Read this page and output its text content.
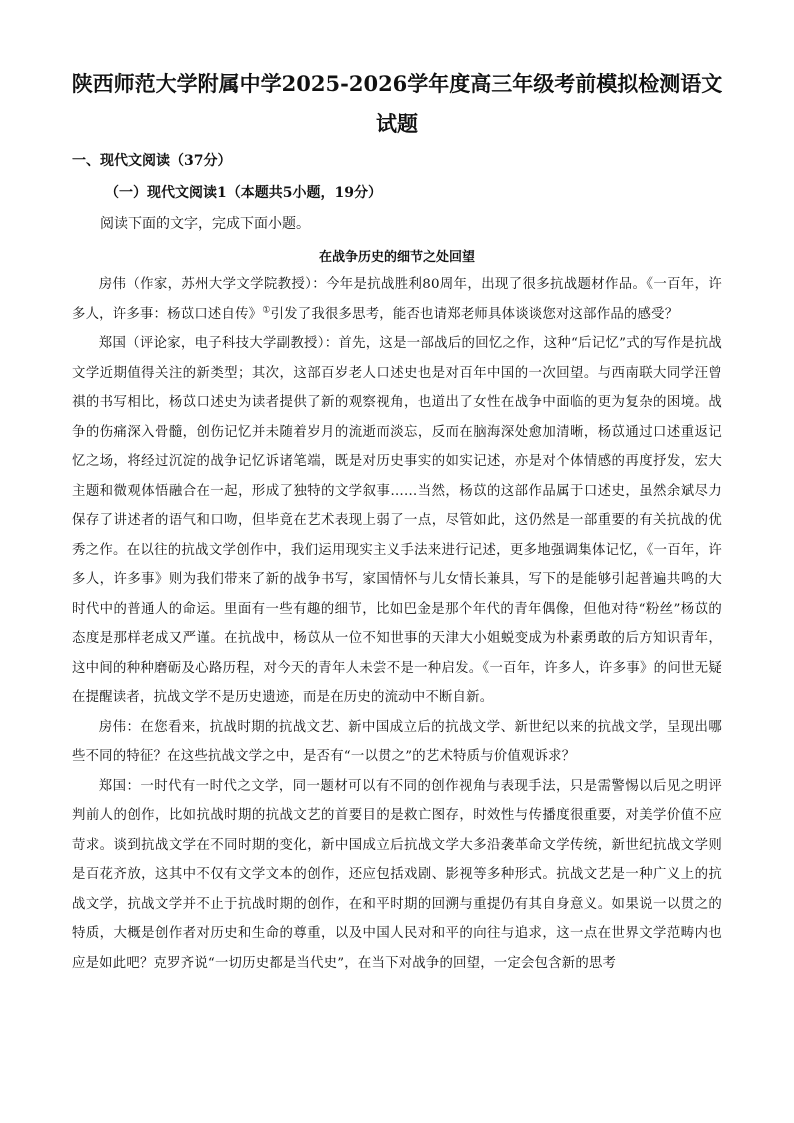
陕西师范大学附属中学2025-2026学年度高三年级考前模拟检测语文
试题
一、现代文阅读（37分）
（一）现代文阅读1（本题共5小题，19分）

阅读下面的文字，完成下面小题。

在战争历史的细节之处回望

房伟（作家，苏州大学文学院教授）：今年是抗战胜利80周年，出现了很多抗战题材作品。《一百年，许多人，许多事：杨苡口述自传》①引发了我很多思考，能否也请郑老师具体谈谈您对这部作品的感受？

郑国（评论家，电子科技大学副教授）：首先，这是一部战后的回忆之作，这种“后记忆”式的写作是抗战文学近期值得关注的新类型；其次，这部百岁老人口述史也是对百年中国的一次回望。与西南联大同学汪曾祺的书写相比，杨苡口述史为读者提供了新的观察视角，也道出了女性在战争中面临的更为复杂的困境。战争的伤痛深入骨髓，创伤记忆并未随着岁月的流逝而淡忘，反而在脑海深处愈加清晰，杨苡通过口述重返记忆之场，将经过沉淀的战争记忆诉诸笔端，既是对历史事实的如实记述，亦是对个体情感的再度抒发，宏大主题和微观体悟融合在一起，形成了独特的文学叙事……当然，杨苡的这部作品属于口述史，虽然余斌尽力保存了讲述者的语气和口吻，但毕竟在艺术表现上弱了一点，尽管如此，这仍然是一部重要的有关抗战的优秀之作。在以往的抗战文学创作中，我们运用现实主义手法来进行记述，更多地强调集体记忆，《一百年，许多人，许多事》则为我们带来了新的战争书写，家国情怀与儿女情长兼具，写下的是能够引起普遍共鸣的大时代中的普通人的命运。里面有一些有趣的细节，比如巴金是那个年代的青年偶像，但他对待“粉丝”杨苡的态度是那样老成又严谨。在抗战中，杨苡从一位不知世事的天津大小姐蜕变成为朴素勇敢的后方知识青年，这中间的种种磨砺及心路历程，对今天的青年人未尝不是一种启发。《一百年，许多人，许多事》的问世无疑在提醒读者，抗战文学不是历史遗迹，而是在历史的流动中不断自新。

房伟：在您看来，抗战时期的抗战文艺、新中国成立后的抗战文学、新世纪以来的抗战文学，呈现出哪些不同的特征？在这些抗战文学之中，是否有“一以贯之”的艺术特质与价值观诉求？

郑国：一时代有一时代之文学，同一题材可以有不同的创作视角与表现手法，只是需警惕以后见之明评判前人的创作，比如抗战时期的抗战文艺的首要目的是救亡图存，时效性与传播度很重要，对美学价值不应苛求。谈到抗战文学在不同时期的变化，新中国成立后抗战文学大多沿袭革命文学传统，新世纪抗战文学则是百花齐放，这其中不仅有文学文本的创作，还应包括戏剧、影视等多种形式。抗战文艺是一种广义上的抗战文学，抗战文学并不止于抗战时期的创作，在和平时期的回溯与重提仍有其自身意义。如果说一以贯之的特质，大概是创作者对历史和生命的尊重，以及中国人民对和平的向往与追求，这一点在世界文学范畴内也应是如此吧？克罗齐说“一切历史都是当代史”，在当下对战争的回望，一定会包含新的思考
